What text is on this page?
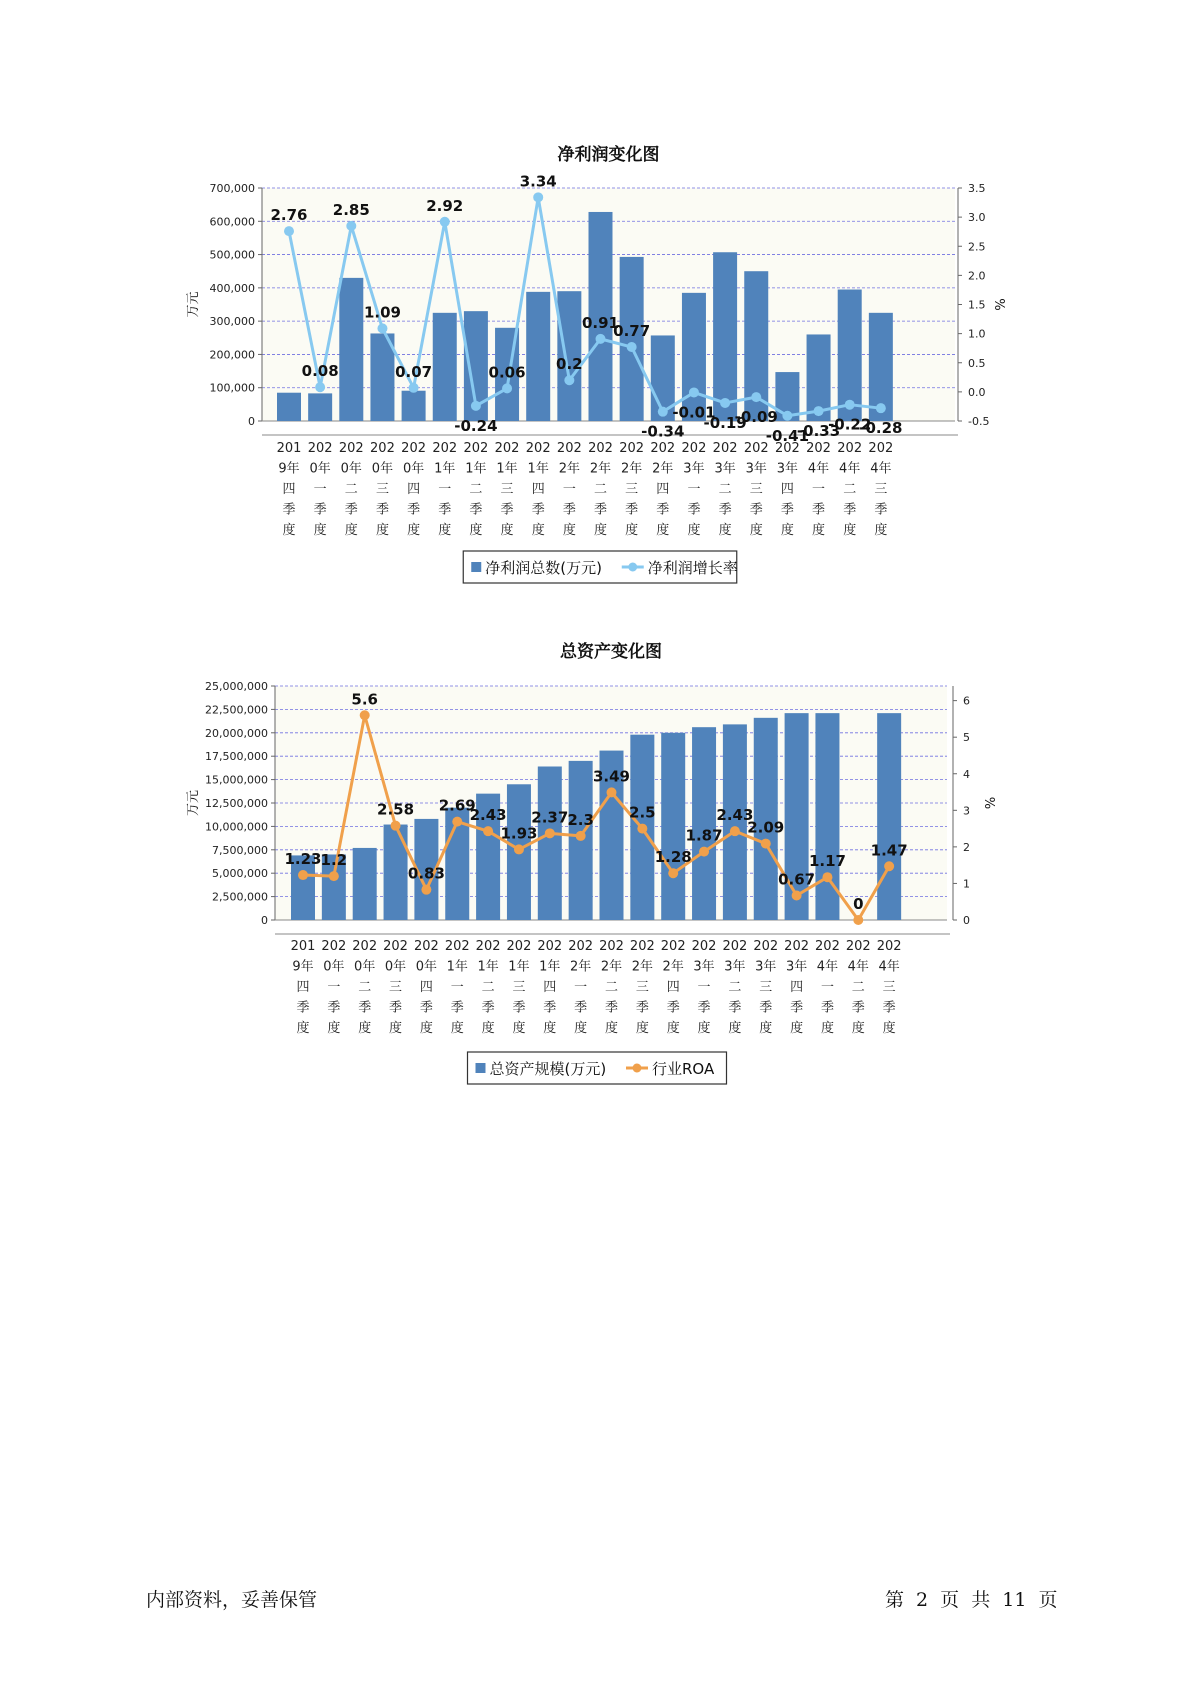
净利润变化图
0
100,000
200,000
300,000
400,000
500,000
600,000
700,000
-0.5
0.0
0.5
1.0
1.5
2.0
2.5
3.0
3.5
万元	%
2.76
0.08
2.85
1.09
0.07
2.92
-0.24
0.06
3.34
0.2
0.91
0.77
-0.34
-0.01
-0.19
-0.09
-0.41
-0.33
-0.22
-0.28
201
9年
四
季
度
202
0年
一
季
度
202
0年
二
季
度
202
0年
三
季
度
202
0年
四
季
度
202
1年
一
季
度
202
1年
二
季
度
202
1年
三
季
度
202
1年
四
季
度
202
2年
一
季
度
202
2年
二
季
度
202
2年
三
季
度
202
2年
四
季
度
202
3年
一
季
度
202
3年
二
季
度
202
3年
三
季
度
202
3年
四
季
度
202
4年
一
季
度
202
4年
二
季
度
202
4年
三
季
度
净利润总数(万元)	净利润增长率
总资产变化图
0
2,500,000
5,000,000
7,500,000
10,000,000
12,500,000
15,000,000
17,500,000
20,000,000
22,500,000
25,000,000
0
1
2
3
4
5
6
万元	%
1.23 1.2
5.6
2.58
0.83
2.69
2.43
1.93
2.37 2.3
3.49
2.5
1.28
1.87
2.43
2.09
0.67
1.17
0
1.47
201
9年
四
季
度
202
0年
一
季
度
202
0年
二
季
度
202
0年
三
季
度
202
0年
四
季
度
202
1年
一
季
度
202
1年
二
季
度
202
1年
三
季
度
202
1年
四
季
度
202
2年
一
季
度
202
2年
二
季
度
202
2年
三
季
度
202
2年
四
季
度
202
3年
一
季
度
202
3年
二
季
度
202
3年
三
季
度
202
3年
四
季
度
202
4年
一
季
度
202
4年
二
季
度
202
4年
三
季
度
总资产规模(万元)	行业ROA
内部资料，妥善保管	第 2 页 共 11 页
